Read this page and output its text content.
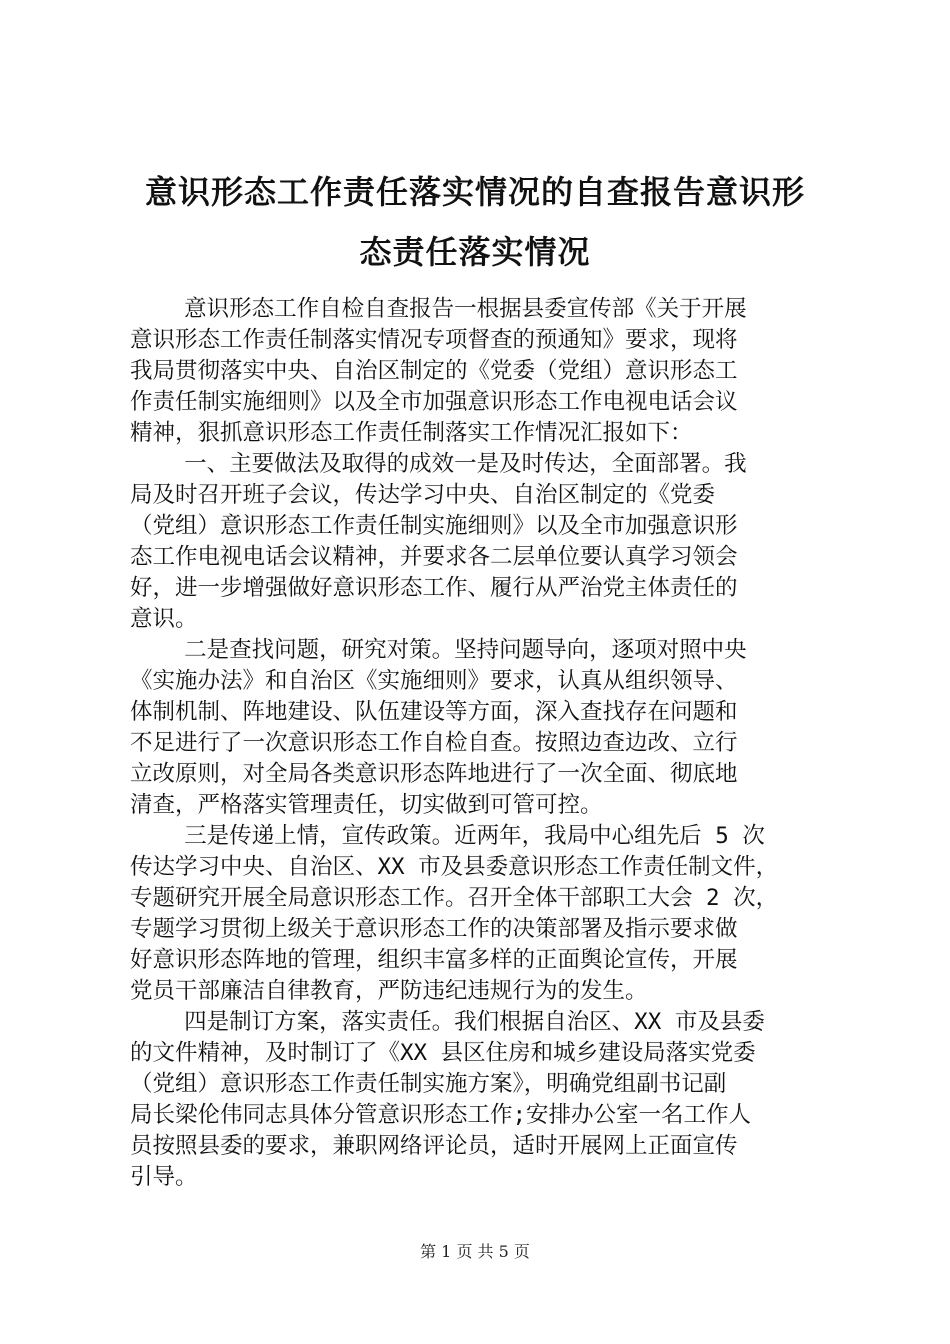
意识形态工作责任落实情况的自查报告意识形
态责任落实情况
意识形态工作自检自查报告一根据县委宣传部《关于开展
意识形态工作责任制落实情况专项督查的预通知》要求，现将
我局贯彻落实中央、自治区制定的《党委（党组）意识形态工
作责任制实施细则》以及全市加强意识形态工作电视电话会议
精神，狠抓意识形态工作责任制落实工作情况汇报如下：
一、主要做法及取得的成效一是及时传达，全面部署。我
局及时召开班子会议，传达学习中央、自治区制定的《党委
（党组）意识形态工作责任制实施细则》以及全市加强意识形
态工作电视电话会议精神，并要求各二层单位要认真学习领会
好，进一步增强做好意识形态工作、履行从严治党主体责任的
意识。
二是查找问题，研究对策。坚持问题导向，逐项对照中央
《实施办法》和自治区《实施细则》要求，认真从组织领导、
体制机制、阵地建设、队伍建设等方面，深入查找存在问题和
不足进行了一次意识形态工作自检自查。按照边查边改、立行
立改原则，对全局各类意识形态阵地进行了一次全面、彻底地
清查，严格落实管理责任，切实做到可管可控。
三是传递上情，宣传政策。近两年，我局中心组先后 5 次
传达学习中央、自治区、XX 市及县委意识形态工作责任制文件，
专题研究开展全局意识形态工作。召开全体干部职工大会 2 次，
专题学习贯彻上级关于意识形态工作的决策部署及指示要求做
好意识形态阵地的管理，组织丰富多样的正面舆论宣传，开展
党员干部廉洁自律教育，严防违纪违规行为的发生。
四是制订方案，落实责任。我们根据自治区、XX 市及县委
的文件精神，及时制订了《XX 县区住房和城乡建设局落实党委
（党组）意识形态工作责任制实施方案》，明确党组副书记副
局长梁伦伟同志具体分管意识形态工作;安排办公室一名工作人
员按照县委的要求，兼职网络评论员，适时开展网上正面宣传
引导。
第 1 页 共 5 页
